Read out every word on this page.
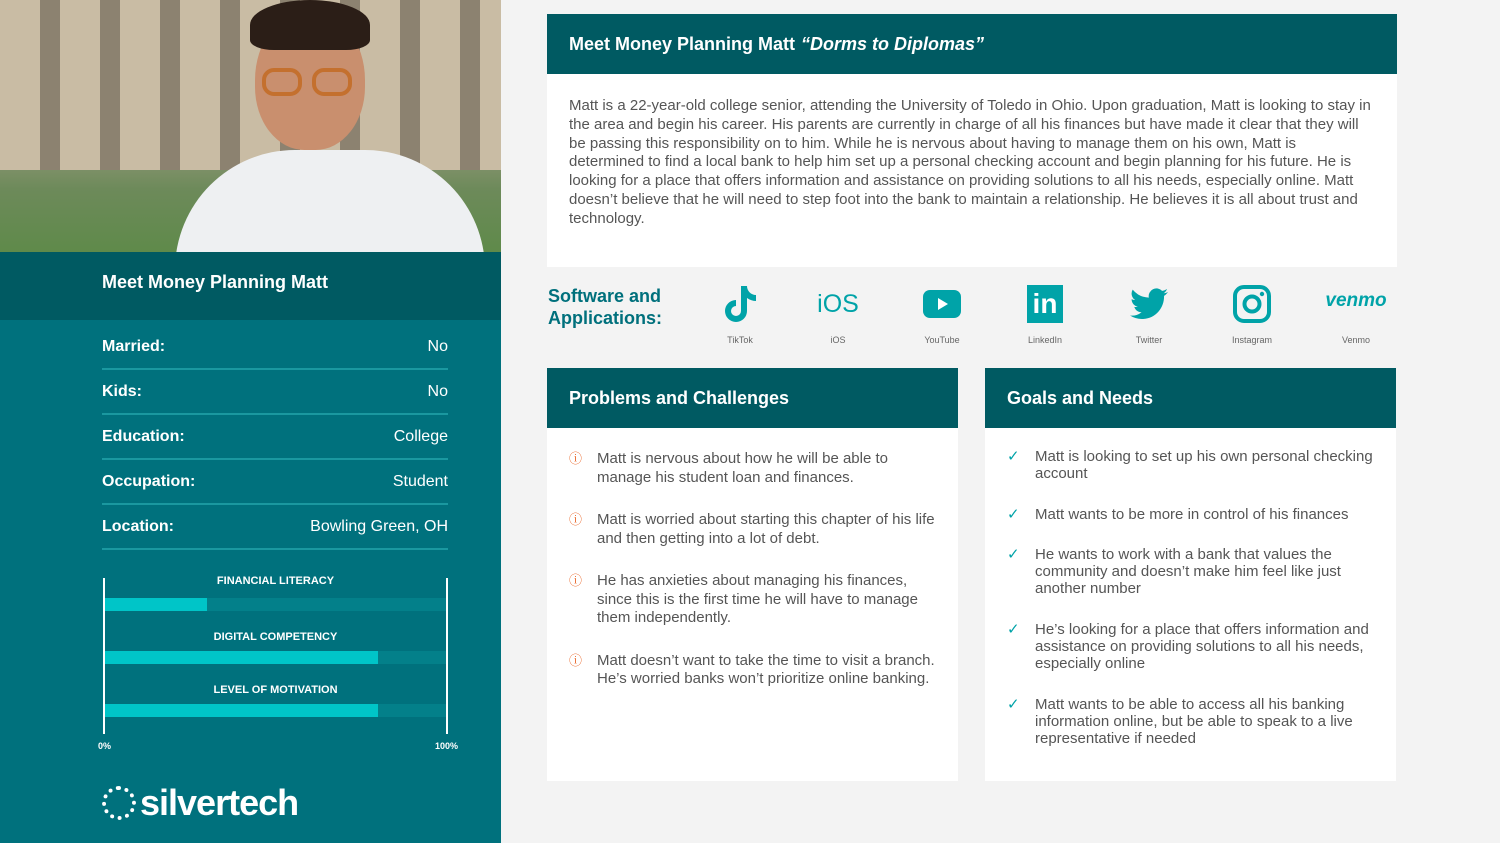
Meet Money Planning Matt
Married:	No
Kids:	No
Education:	College
Occupation:	Student
Location:	Bowling Green, OH
FINANCIAL LITERACY
DIGITAL COMPETENCY
LEVEL OF MOTIVATION
0%	100%
silvertech
Meet Money Planning Matt “Dorms to Diplomas”
Matt is a 22-year-old college senior, attending the University of Toledo in Ohio. Upon graduation, Matt is looking to stay in the area and begin his career. His parents are currently in charge of all his finances but have made it clear that they will be passing this responsibility on to him. While he is nervous about having to manage them on his own, Matt is determined to find a local bank to help him set up a personal checking account and begin planning for his future. He is looking for a place that offers information and assistance on providing solutions to all his needs, especially online. Matt doesn’t believe that he will need to step foot into the bank to maintain a relationship. He believes it is all about trust and technology.
Software and Applications:
TikTok
iOS
iOS	YouTube
in
LinkedIn	Twitter	Instagram
venmo
Venmo
Problems and Challenges
ⓘ Matt is nervous about how he will be able to manage his student loan and finances.
ⓘ Matt is worried about starting this chapter of his life and then getting into a lot of debt.
ⓘ He has anxieties about managing his finances, since this is the first time he will have to manage them independently.
ⓘ Matt doesn’t want to take the time to visit a branch. He’s worried banks won’t prioritize online banking.
Goals and Needs
✓	Matt is looking to set up his own personal checking account
✓	Matt wants to be more in control of his finances
✓	He wants to work with a bank that values the community and doesn’t make him feel like just another number
✓	He’s looking for a place that offers information and assistance on providing solutions to all his needs, especially online
✓	Matt wants to be able to access all his banking information online, but be able to speak to a live representative if needed
